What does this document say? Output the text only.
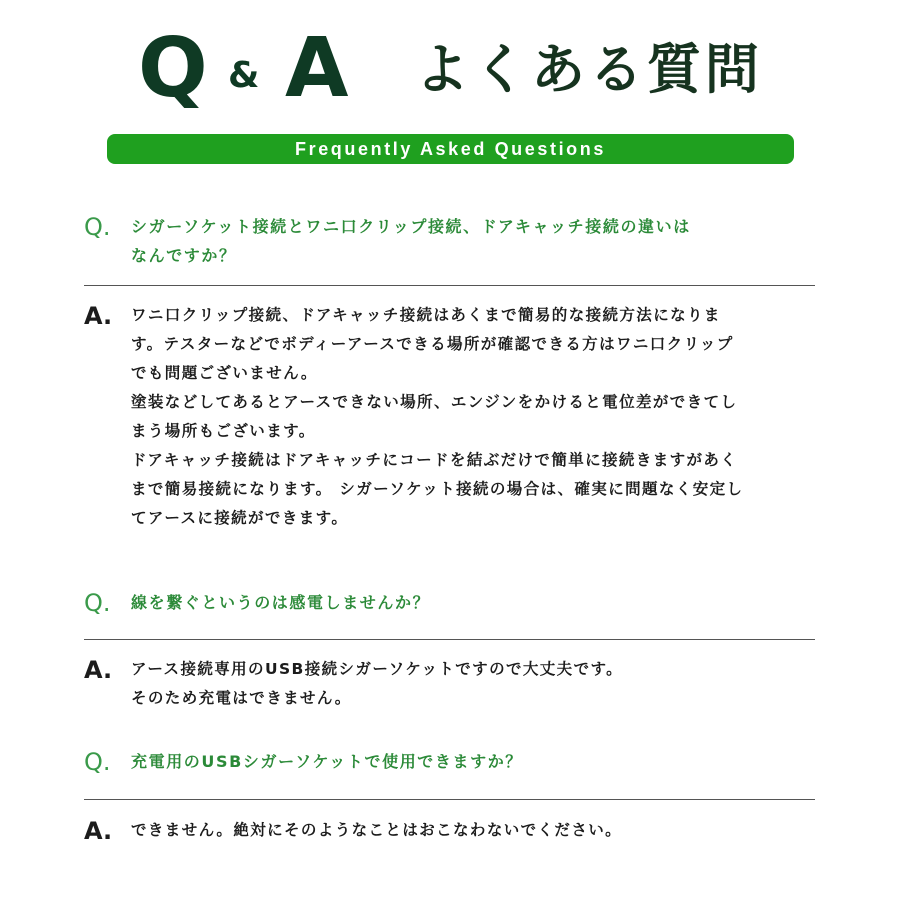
Q & A よくある質問
Frequently Asked Questions
Q. シガーソケット接続とワニ口クリップ接続、ドアキャッチ接続の違いは
なんですか？
A. ワニ口クリップ接続、ドアキャッチ接続はあくまで簡易的な接続方法になりま
す。テスターなどでボディーアースできる場所が確認できる方はワニ口クリップ
でも問題ございません。
塗装などしてあるとアースできない場所、エンジンをかけると電位差ができてし
まう場所もございます。
ドアキャッチ接続はドアキャッチにコードを結ぶだけで簡単に接続きますがあく
まで簡易接続になります。 シガーソケット接続の場合は、確実に問題なく安定し
てアースに接続ができます。
Q. 線を繋ぐというのは感電しませんか？
A. アース接続専用のUSB接続シガーソケットですので大丈夫です。
そのため充電はできません。
Q. 充電用のUSBシガーソケットで使用できますか？
A. できません。絶対にそのようなことはおこなわないでください。
